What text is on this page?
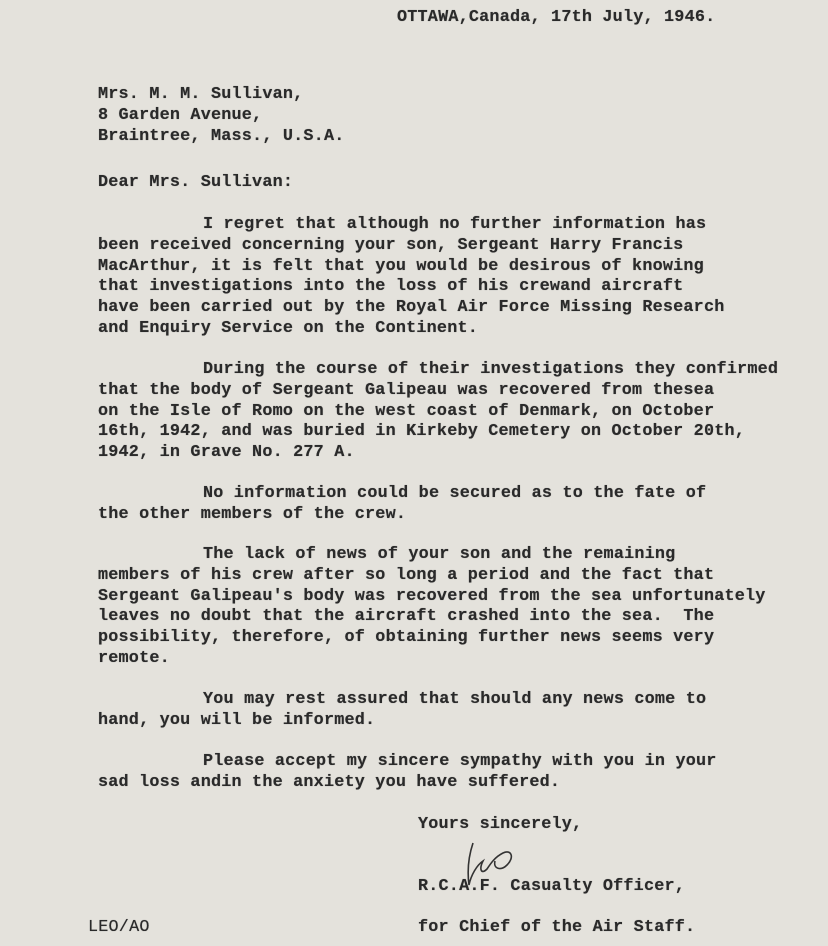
OTTAWA,Canada, 17th July, 1946.
Mrs. M. M. Sullivan,
8 Garden Avenue,
Braintree, Mass., U.S.A.
Dear Mrs. Sullivan:
I regret that although no further information has
been received concerning your son, Sergeant Harry Francis
MacArthur, it is felt that you would be desirous of knowing
that investigations into the loss of his crewand aircraft
have been carried out by the Royal Air Force Missing Research
and Enquiry Service on the Continent.
During the course of their investigations they confirmed
that the body of Sergeant Galipeau was recovered from thesea
on the Isle of Romo on the west coast of Denmark, on October
16th, 1942, and was buried in Kirkeby Cemetery on October 20th,
1942, in Grave No. 277 A.
No information could be secured as to the fate of
the other members of the crew.
The lack of news of your son and the remaining
members of his crew after so long a period and the fact that
Sergeant Galipeau's body was recovered from the sea unfortunately
leaves no doubt that the aircraft crashed into the sea.  The
possibility, therefore, of obtaining further news seems very
remote.
You may rest assured that should any news come to
hand, you will be informed.
Please accept my sincere sympathy with you in your
sad loss andin the anxiety you have suffered.
Yours sincerely,
R.C.A.F. Casualty Officer,
for Chief of the Air Staff.
LEO/AO
